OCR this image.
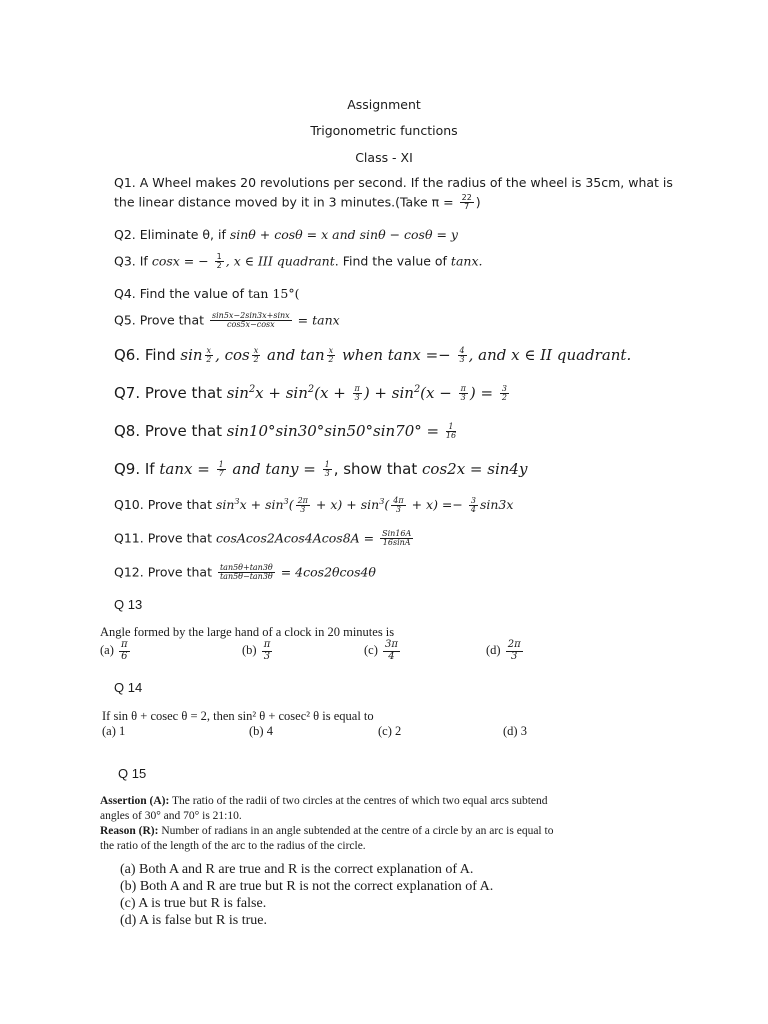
Assignment
Trigonometric functions
Class - XI
Q1. A Wheel makes 20 revolutions per second. If the radius of the wheel is 35cm, what is
the linear distance moved by it in 3 minutes.(Take $\pi = \frac{22}{7}$ )
Q2. Eliminate θ, if sinθ + cosθ = x and sinθ − cosθ = y
Q3. If cosx = − $\frac{1}{2}$ , x ∈ III quadrant. Find the value of tanx.
Q4. Find the value of tan 15°(
Q5. Prove that $\frac{\sin 5x-2\sin 3x+\sin x}{\cos 5x-\cos x} = \tan x$
Q6. Find $\sin \frac{x}{2}$ , $\cos \frac{x}{2}$ and $\tan \frac{x}{2}$ when $\tan x =- \frac{4}{3}$ , and x ∈ II quadrant.
Q7. Prove that $\sin^2x + \sin^2(x + \frac{\pi}{3}$ ) + $\sin^2(x - \frac{\pi}{3}$ ) = $\frac{3}{2}$
Q8. Prove that $\sin 10^\circ\sin 30^\circ\sin 50^\circ\sin 70^\circ = \frac{1}{16}$
Q9. If $\tan x = \frac{1}{7}$ and $\tan y = \frac{1}{3}$ , show that cos2x = sin4y
Q10. Prove that $\sin^3x + \sin^3( \frac{2\pi}{3} + x) + \sin^3( \frac{4\pi}{3} + x) =- \frac{3}{4} \sin 3x$
Q11. Prove that cosAcos2Acos4Acos8A = $\frac{\text{Sin16A}}{16\sin A}$
Q12. Prove that $\frac{\tan 5\theta+\tan 3\theta}{\tan 5\theta-\tan 3\theta} = 4\cos 2\theta\cos 4\theta$
Q 13
Angle formed by the large hand of a clock in 20 minutes is
$(a) \frac{\pi}{6}$	$(b) \frac{\pi}{3}$	$(c) \frac{3\pi}{4}$	$(d) \frac{2\pi}{3}$
Q 14
If sin θ + cosec θ = 2, then sin² θ + cosec² θ is equal to
(a) 1	(b) 4	(c) 2	(d) 3
Q 15
Assertion (A): The ratio of the radii of two circles at the centres of which two equal arcs subtend
angles of 30° and 70° is 21:10.
Reason (R): Number of radians in an angle subtended at the centre of a circle by an arc is equal to
the ratio of the length of the arc to the radius of the circle.
(a) Both A and R are true and R is the correct explanation of A.
(b) Both A and R are true but R is not the correct explanation of A.
(c) A is true but R is false.
(d) A is false but R is true.
